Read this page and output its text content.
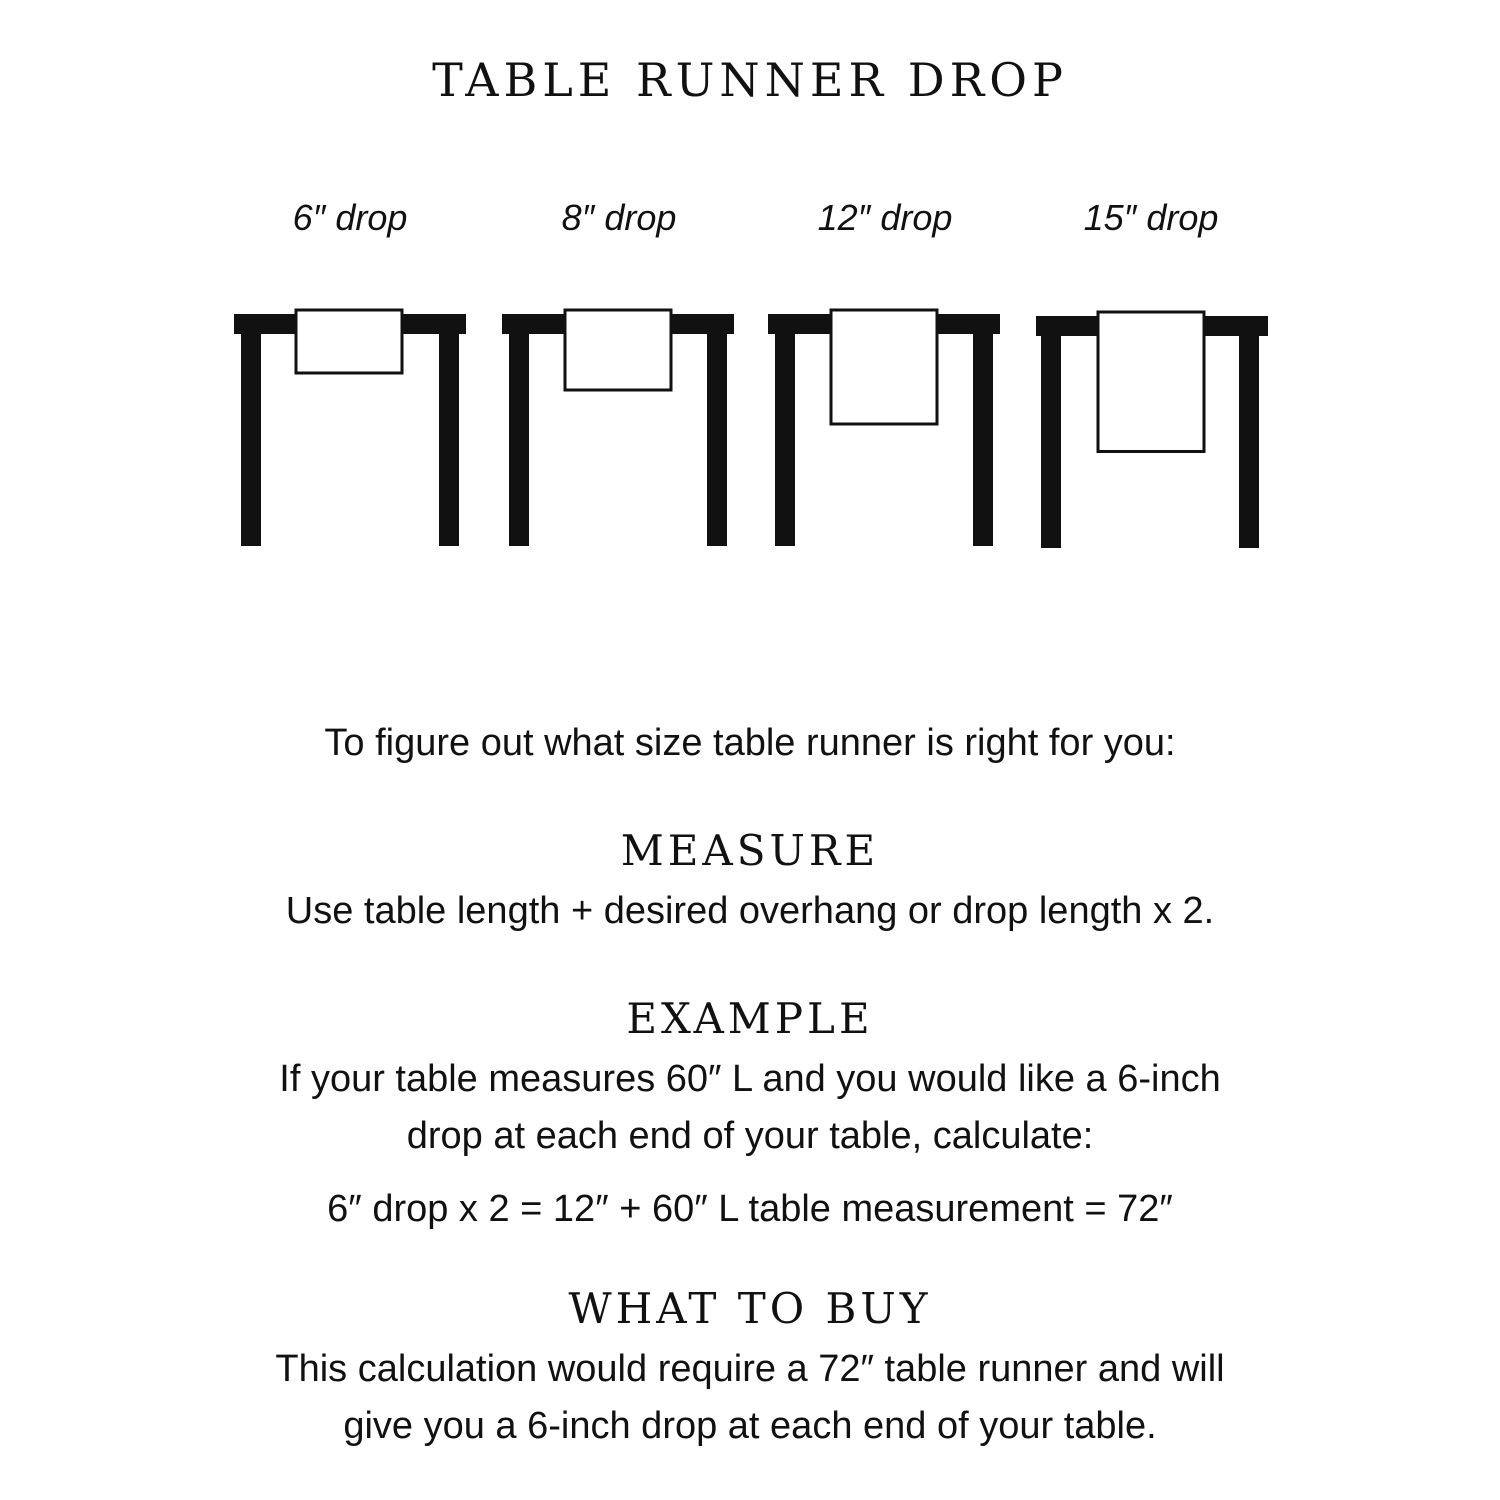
TABLE RUNNER DROP
6″ drop	8″ drop	12″ drop	15″ drop
To figure out what size table runner is right for you:
MEASURE
Use table length + desired overhang or drop length x 2.
EXAMPLE
If your table measures 60″ L and you would like a 6-inch
drop at each end of your table, calculate:
6″ drop x 2 = 12″ + 60″ L table measurement = 72″
WHAT TO BUY
This calculation would require a 72″ table runner and will
give you a 6-inch drop at each end of your table.
